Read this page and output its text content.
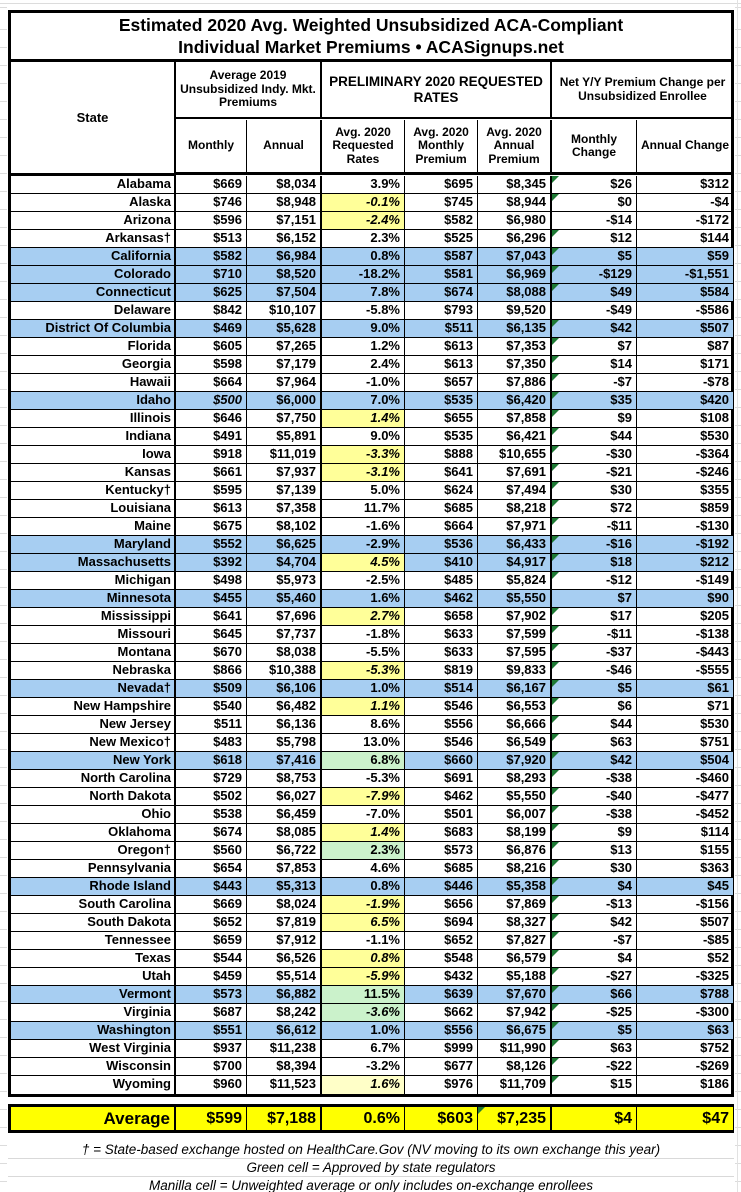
Estimated 2020 Avg. Weighted Unsubsidized ACA-Compliant
Individual Market Premiums • ACASignups.net
State
Average 2019 Unsubsidized Indy. Mkt. Premiums
PRELIMINARY 2020 REQUESTED RATES
Net Y/Y Premium Change per Unsubsidized Enrollee
Monthly	Annual
Avg. 2020 Requested Rates
Avg. 2020 Monthly Premium
Avg. 2020 Annual Premium
Monthly Change	Annual Change
Alabama	$669	$8,034	3.9%	$695	$8,345	$26	$312
Alaska	$746	$8,948	-0.1%	$745	$8,944	$0	-$4
Arizona	$596	$7,151	-2.4%	$582	$6,980	-$14	-$172
Arkansas†	$513	$6,152	2.3%	$525	$6,296	$12	$144
California	$582	$6,984	0.8%	$587	$7,043	$5	$59
Colorado	$710	$8,520	-18.2%	$581	$6,969	-$129	-$1,551
Connecticut	$625	$7,504	7.8%	$674	$8,088	$49	$584
Delaware	$842	$10,107	-5.8%	$793	$9,520	-$49	-$586
District Of Columbia	$469	$5,628	9.0%	$511	$6,135	$42	$507
Florida	$605	$7,265	1.2%	$613	$7,353	$7	$87
Georgia	$598	$7,179	2.4%	$613	$7,350	$14	$171
Hawaii	$664	$7,964	-1.0%	$657	$7,886	-$7	-$78
Idaho	$500	$6,000	7.0%	$535	$6,420	$35	$420
Illinois	$646	$7,750	1.4%	$655	$7,858	$9	$108
Indiana	$491	$5,891	9.0%	$535	$6,421	$44	$530
Iowa	$918	$11,019	-3.3%	$888	$10,655	-$30	-$364
Kansas	$661	$7,937	-3.1%	$641	$7,691	-$21	-$246
Kentucky†	$595	$7,139	5.0%	$624	$7,494	$30	$355
Louisiana	$613	$7,358	11.7%	$685	$8,218	$72	$859
Maine	$675	$8,102	-1.6%	$664	$7,971	-$11	-$130
Maryland	$552	$6,625	-2.9%	$536	$6,433	-$16	-$192
Massachusetts	$392	$4,704	4.5%	$410	$4,917	$18	$212
Michigan	$498	$5,973	-2.5%	$485	$5,824	-$12	-$149
Minnesota	$455	$5,460	1.6%	$462	$5,550	$7	$90
Mississippi	$641	$7,696	2.7%	$658	$7,902	$17	$205
Missouri	$645	$7,737	-1.8%	$633	$7,599	-$11	-$138
Montana	$670	$8,038	-5.5%	$633	$7,595	-$37	-$443
Nebraska	$866	$10,388	-5.3%	$819	$9,833	-$46	-$555
Nevada†	$509	$6,106	1.0%	$514	$6,167	$5	$61
New Hampshire	$540	$6,482	1.1%	$546	$6,553	$6	$71
New Jersey	$511	$6,136	8.6%	$556	$6,666	$44	$530
New Mexico†	$483	$5,798	13.0%	$546	$6,549	$63	$751
New York	$618	$7,416	6.8%	$660	$7,920	$42	$504
North Carolina	$729	$8,753	-5.3%	$691	$8,293	-$38	-$460
North Dakota	$502	$6,027	-7.9%	$462	$5,550	-$40	-$477
Ohio	$538	$6,459	-7.0%	$501	$6,007	-$38	-$452
Oklahoma	$674	$8,085	1.4%	$683	$8,199	$9	$114
Oregon†	$560	$6,722	2.3%	$573	$6,876	$13	$155
Pennsylvania	$654	$7,853	4.6%	$685	$8,216	$30	$363
Rhode Island	$443	$5,313	0.8%	$446	$5,358	$4	$45
South Carolina	$669	$8,024	-1.9%	$656	$7,869	-$13	-$156
South Dakota	$652	$7,819	6.5%	$694	$8,327	$42	$507
Tennessee	$659	$7,912	-1.1%	$652	$7,827	-$7	-$85
Texas	$544	$6,526	0.8%	$548	$6,579	$4	$52
Utah	$459	$5,514	-5.9%	$432	$5,188	-$27	-$325
Vermont	$573	$6,882	11.5%	$639	$7,670	$66	$788
Virginia	$687	$8,242	-3.6%	$662	$7,942	-$25	-$300
Washington	$551	$6,612	1.0%	$556	$6,675	$5	$63
West Virginia	$937	$11,238	6.7%	$999	$11,990	$63	$752
Wisconsin	$700	$8,394	-3.2%	$677	$8,126	-$22	-$269
Wyoming	$960	$11,523	1.6%	$976	$11,709	$15	$186
Average	$599	$7,188	0.6%	$603	$7,235	$4	$47
† = State-based exchange hosted on HealthCare.Gov (NV moving to its own exchange this year)
Green cell = Approved by state regulators
Manilla cell = Unweighted average or only includes on-exchange enrollees
